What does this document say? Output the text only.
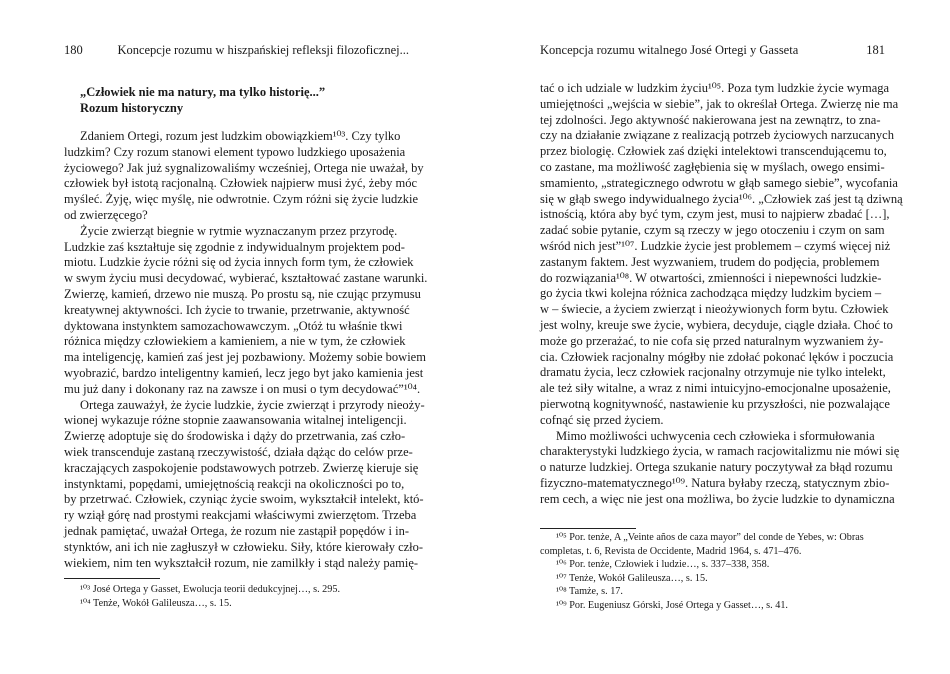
180	Koncepcje rozumu w hiszpańskiej refleksji filozoficznej...
„Człowiek nie ma natury, ma tylko historię...”
Rozum historyczny
Zdaniem Ortegi, rozum jest ludzkim obowiązkiem¹⁰³. Czy tylko
ludzkim? Czy rozum stanowi element typowo ludzkiego uposażenia
życiowego? Jak już sygnalizowaliśmy wcześniej, Ortega nie uważał, by
człowiek był istotą racjonalną. Człowiek najpierw musi żyć, żeby móc
myśleć. Żyję, więc myślę, nie odwrotnie. Czym różni się życie ludzkie
od zwierzęcego?
Życie zwierząt biegnie w rytmie wyznaczanym przez przyrodę.
Ludzkie zaś kształtuje się zgodnie z indywidualnym projektem pod-
miotu. Ludzkie życie różni się od życia innych form tym, że człowiek
w swym życiu musi decydować, wybierać, kształtować zastane warunki.
Zwierzę, kamień, drzewo nie muszą. Po prostu są, nie czując przymusu
kreatywnej aktywności. Ich życie to trwanie, przetrwanie, aktywność
dyktowana instynktem samozachowawczym. „Otóż tu właśnie tkwi
różnica między człowiekiem a kamieniem, a nie w tym, że człowiek
ma inteligencję, kamień zaś jest jej pozbawiony. Możemy sobie bowiem
wyobrazić, bardzo inteligentny kamień, lecz jego byt jako kamienia jest
mu już dany i dokonany raz na zawsze i on musi o tym decydować”¹⁰⁴.
Ortega zauważył, że życie ludzkie, życie zwierząt i przyrody nieoży-
wionej wykazuje różne stopnie zaawansowania witalnej inteligencji.
Zwierzę adoptuje się do środowiska i dąży do przetrwania, zaś czło-
wiek transcenduje zastaną rzeczywistość, działa dążąc do celów prze-
kraczających zaspokojenie podstawowych potrzeb. Zwierzę kieruje się
instynktami, popędami, umiejętnością reakcji na okoliczności po to,
by przetrwać. Człowiek, czyniąc życie swoim, wykształcił intelekt, któ-
ry wziął górę nad prostymi reakcjami właściwymi zwierzętom. Trzeba
jednak pamiętać, uważał Ortega, że rozum nie zastąpił popędów i in-
stynktów, ani ich nie zagłuszył w człowieku. Siły, które kierowały czło-
wiekiem, nim ten wykształcił rozum, nie zamilkły i stąd należy pamię-
¹⁰³ José Ortega y Gasset, Ewolucja teorii dedukcyjnej…, s. 295.
¹⁰⁴ Tenże, Wokół Galileusza…, s. 15.
Koncepcja rozumu witalnego José Ortegi y Gasseta	181
tać o ich udziale w ludzkim życiu¹⁰⁵. Poza tym ludzkie życie wymaga
umiejętności „wejścia w siebie”, jak to określał Ortega. Zwierzę nie ma
tej zdolności. Jego aktywność nakierowana jest na zewnątrz, to zna-
czy na działanie związane z realizacją potrzeb życiowych narzucanych
przez biologię. Człowiek zaś dzięki intelektowi transcendującemu to,
co zastane, ma możliwość zagłębienia się w myślach, owego ensimi-
smamiento, „strategicznego odwrotu w głąb samego siebie”, wycofania
się w głąb swego indywidualnego życia¹⁰⁶. „Człowiek zaś jest tą dziwną
istnością, która aby być tym, czym jest, musi to najpierw zbadać […],
zadać sobie pytanie, czym są rzeczy w jego otoczeniu i czym on sam
wśród nich jest”¹⁰⁷. Ludzkie życie jest problemem – czymś więcej niż
zastanym faktem. Jest wyzwaniem, trudem do podjęcia, problemem
do rozwiązania¹⁰⁸. W otwartości, zmienności i niepewności ludzkie-
go życia tkwi kolejna różnica zachodząca między ludzkim byciem –
w – świecie, a życiem zwierząt i nieożywionych form bytu. Człowiek
jest wolny, kreuje swe życie, wybiera, decyduje, ciągle działa. Choć to
może go przerażać, to nie cofa się przed naturalnym wyzwaniem ży-
cia. Człowiek racjonalny mógłby nie zdołać pokonać lęków i poczucia
dramatu życia, lecz człowiek racjonalny otrzymuje nie tylko intelekt,
ale też siły witalne, a wraz z nimi intuicyjno-emocjonalne uposażenie,
pierwotną kognitywność, nastawienie ku przyszłości, nie pozwalające
cofnąć się przed życiem.
Mimo możliwości uchwycenia cech człowieka i sformułowania
charakterystyki ludzkiego życia, w ramach racjowitalizmu nie mówi się
o naturze ludzkiej. Ortega szukanie natury poczytywał za błąd rozumu
fizyczno-matematycznego¹⁰⁹. Natura byłaby rzeczą, statycznym zbio-
rem cech, a więc nie jest ona możliwa, bo życie ludzkie to dynamiczna
¹⁰⁵ Por. tenże, A „Veinte años de caza mayor” del conde de Yebes, w: Obras
completas, t. 6, Revista de Occidente, Madrid 1964, s. 471–476.
¹⁰⁶ Por. tenże, Człowiek i ludzie…, s. 337–338, 358.
¹⁰⁷ Tenże, Wokół Galileusza…, s. 15.
¹⁰⁸ Tamże, s. 17.
¹⁰⁹ Por. Eugeniusz Górski, José Ortega y Gasset…, s. 41.
